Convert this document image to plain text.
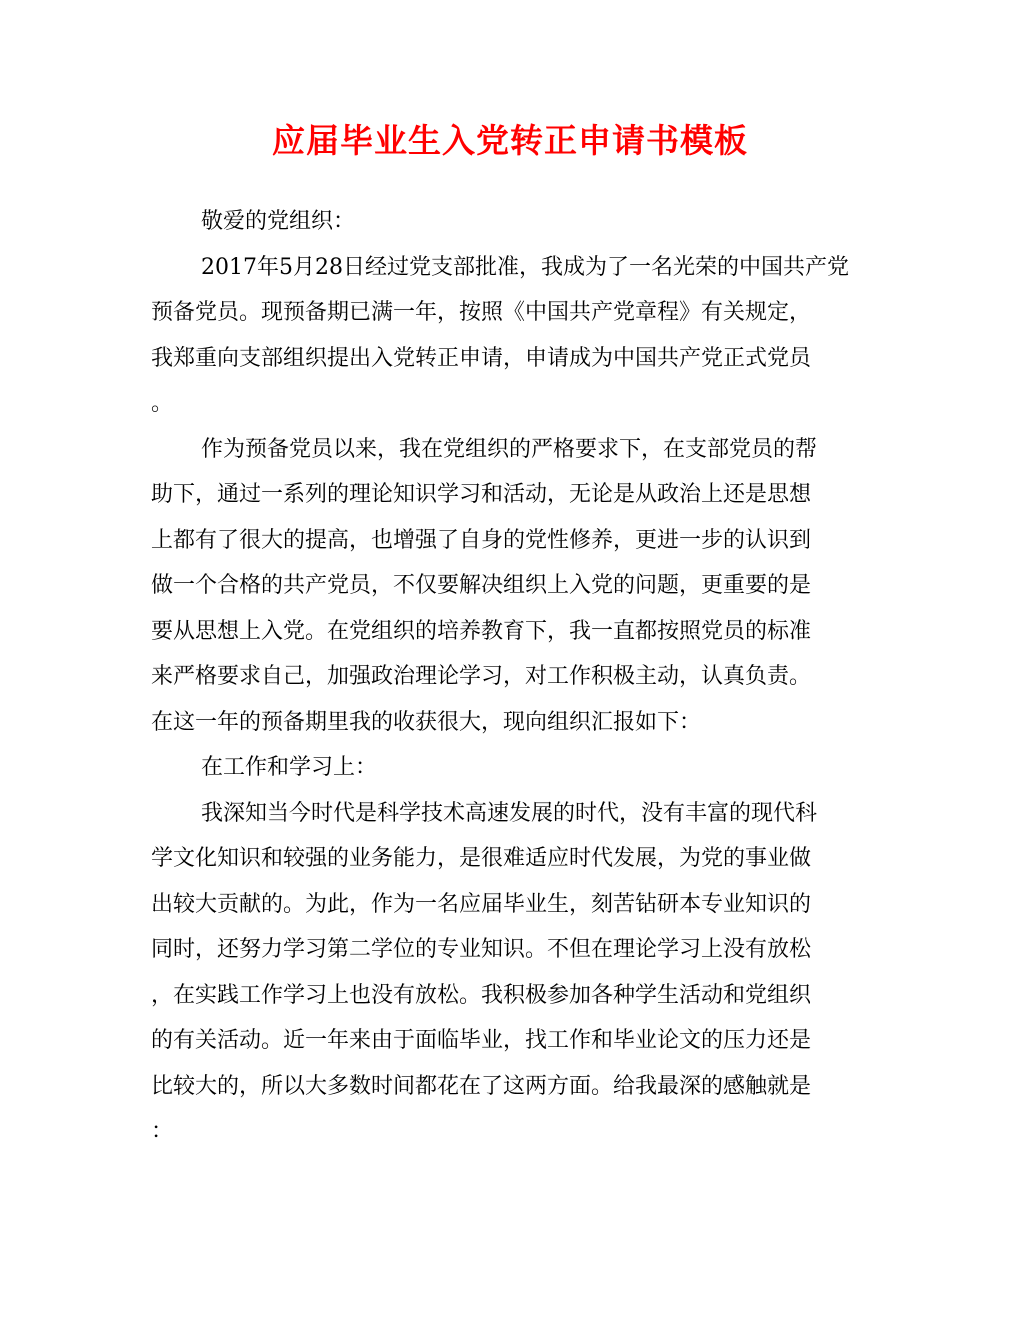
应届毕业生入党转正申请书模板
敬爱的党组织：
2017年5月28日经过党支部批准，我成为了一名光荣的中国共产党
预备党员。现预备期已满一年，按照《中国共产党章程》有关规定，
我郑重向支部组织提出入党转正申请，申请成为中国共产党正式党员
。
作为预备党员以来，我在党组织的严格要求下，在支部党员的帮
助下，通过一系列的理论知识学习和活动，无论是从政治上还是思想
上都有了很大的提高，也增强了自身的党性修养，更进一步的认识到
做一个合格的共产党员，不仅要解决组织上入党的问题，更重要的是
要从思想上入党。在党组织的培养教育下，我一直都按照党员的标准
来严格要求自己，加强政治理论学习，对工作积极主动，认真负责。
在这一年的预备期里我的收获很大，现向组织汇报如下：
在工作和学习上：
我深知当今时代是科学技术高速发展的时代，没有丰富的现代科
学文化知识和较强的业务能力，是很难适应时代发展，为党的事业做
出较大贡献的。为此，作为一名应届毕业生，刻苦钻研本专业知识的
同时，还努力学习第二学位的专业知识。不但在理论学习上没有放松
，在实践工作学习上也没有放松。我积极参加各种学生活动和党组织
的有关活动。近一年来由于面临毕业，找工作和毕业论文的压力还是
比较大的，所以大多数时间都花在了这两方面。给我最深的感触就是
：
